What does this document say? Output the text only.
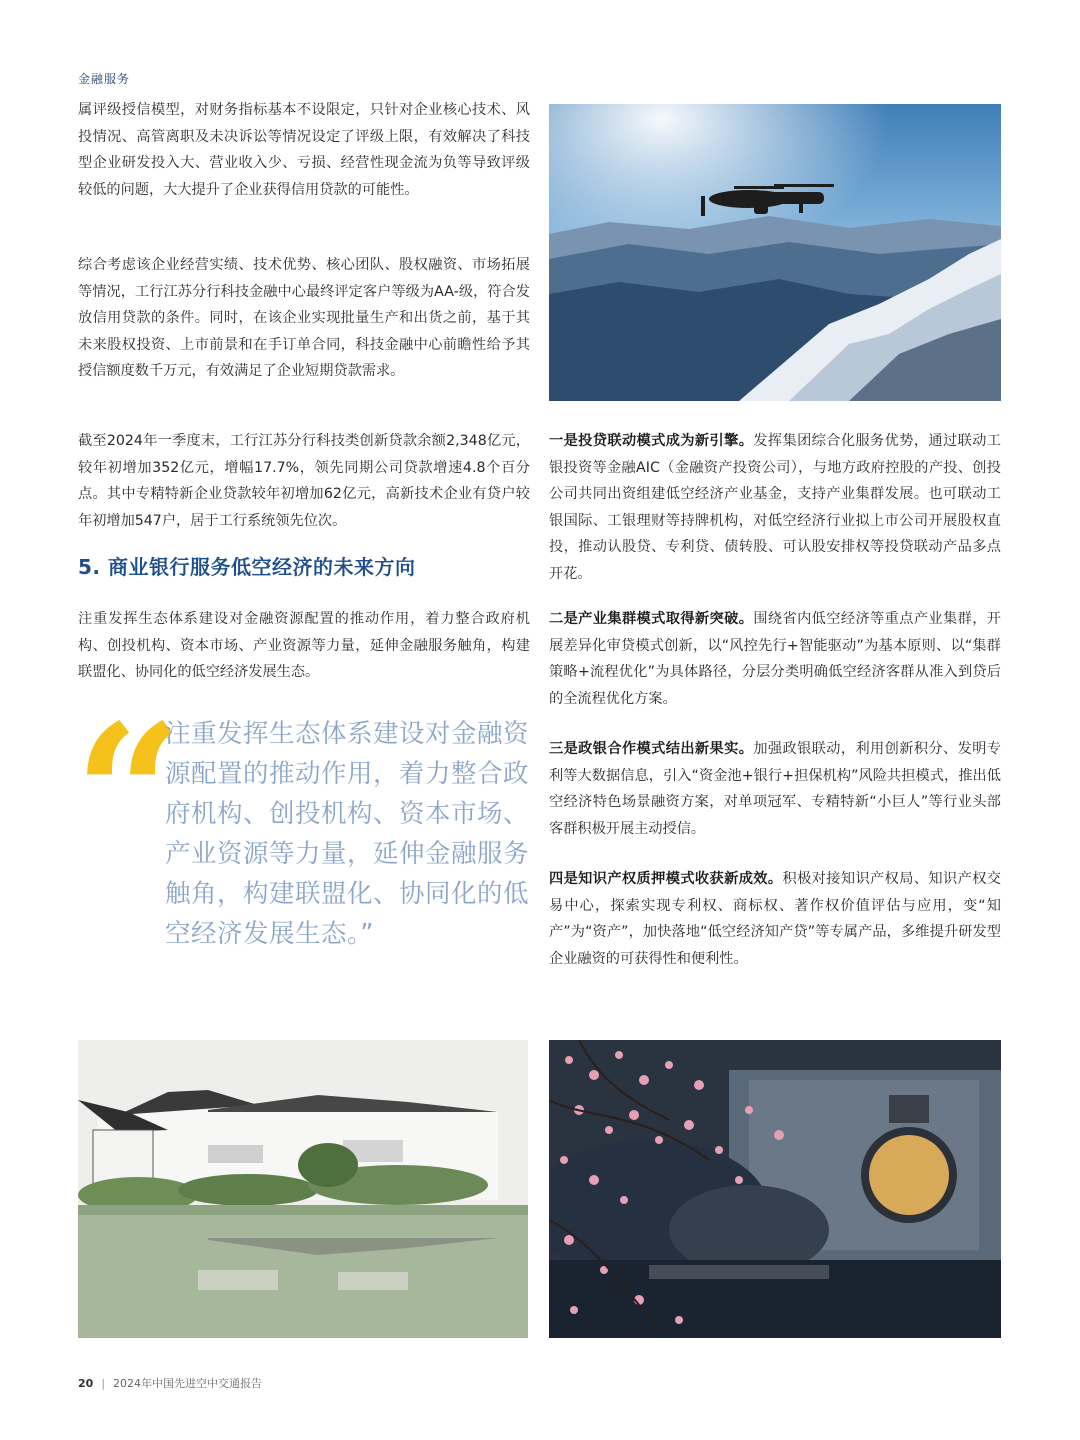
金融服务

属评级授信模型，对财务指标基本不设限定，只针对企业核心技术、风投情况、高管离职及未决诉讼等情况设定了评级上限，有效解决了科技型企业研发投入大、营业收入少、亏损、经营性现金流为负等导致评级较低的问题，大大提升了企业获得信用贷款的可能性。

综合考虑该企业经营实绩、技术优势、核心团队、股权融资、市场拓展等情况，工行江苏分行科技金融中心最终评定客户等级为AA-级，符合发放信用贷款的条件。同时，在该企业实现批量生产和出货之前，基于其未来股权投资、上市前景和在手订单合同，科技金融中心前瞻性给予其授信额度数千万元，有效满足了企业短期贷款需求。

截至2024年一季度末，工行江苏分行科技类创新贷款余额2,348亿元，较年初增加352亿元，增幅17.7%，领先同期公司贷款增速4.8个百分点。其中专精特新企业贷款较年初增加62亿元，高新技术企业有贷户较年初增加547户，居于工行系统领先位次。

5. 商业银行服务低空经济的未来方向

注重发挥生态体系建设对金融资源配置的推动作用，着力整合政府机构、创投机构、资本市场、产业资源等力量，延伸金融服务触角，构建联盟化、协同化的低空经济发展生态。

“

注重发挥生态体系建设对金融资源配置的推动作用，着力整合政府机构、创投机构、资本市场、产业资源等力量，延伸金融服务触角，构建联盟化、协同化的低空经济发展生态。”

一是投贷联动模式成为新引擎。发挥集团综合化服务优势，通过联动工银投资等金融AIC（金融资产投资公司），与地方政府控股的产投、创投公司共同出资组建低空经济产业基金，支持产业集群发展。也可联动工银国际、工银理财等持牌机构，对低空经济行业拟上市公司开展股权直投，推动认股贷、专利贷、债转股、可认股安排权等投贷联动产品多点开花。

二是产业集群模式取得新突破。围绕省内低空经济等重点产业集群，开展差异化审贷模式创新，以“风控先行+智能驱动”为基本原则、以“集群策略+流程优化”为具体路径，分层分类明确低空经济客群从准入到贷后的全流程优化方案。

三是政银合作模式结出新果实。加强政银联动，利用创新积分、发明专利等大数据信息，引入“资金池+银行+担保机构”风险共担模式，推出低空经济特色场景融资方案，对单项冠军、专精特新“小巨人”等行业头部客群积极开展主动授信。

四是知识产权质押模式收获新成效。积极对接知识产权局、知识产权交易中心，探索实现专利权、商标权、著作权价值评估与应用，变“知产”为“资产”，加快落地“低空经济知产贷”等专属产品，多维提升研发型企业融资的可获得性和便利性。

20 | 2024年中国先进空中交通报告
